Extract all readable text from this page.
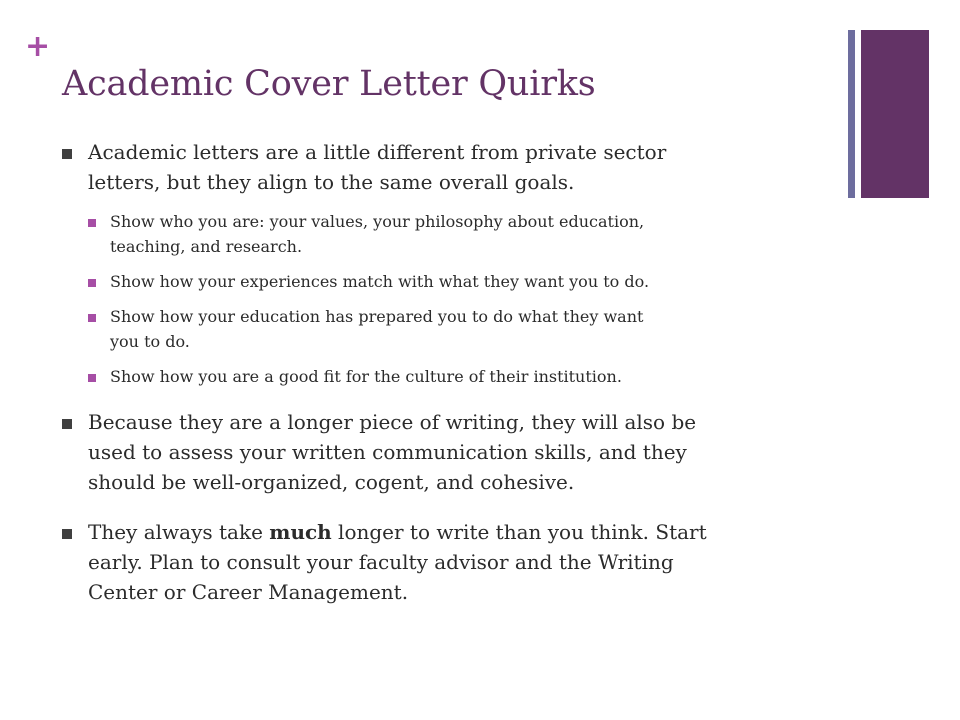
+
Academic Cover Letter Quirks
Academic letters are a little different from private sector
letters, but they align to the same overall goals.
Show who you are: your values, your philosophy about education,
teaching, and research.
Show how your experiences match with what they want you to do.
Show how your education has prepared you to do what they want
you to do.
Show how you are a good fit for the culture of their institution.
Because they are a longer piece of writing, they will also be
used to assess your written communication skills, and they
should be well-organized, cogent, and cohesive.
They always take much longer to write than you think. Start
early. Plan to consult your faculty advisor and the Writing
Center or Career Management.
